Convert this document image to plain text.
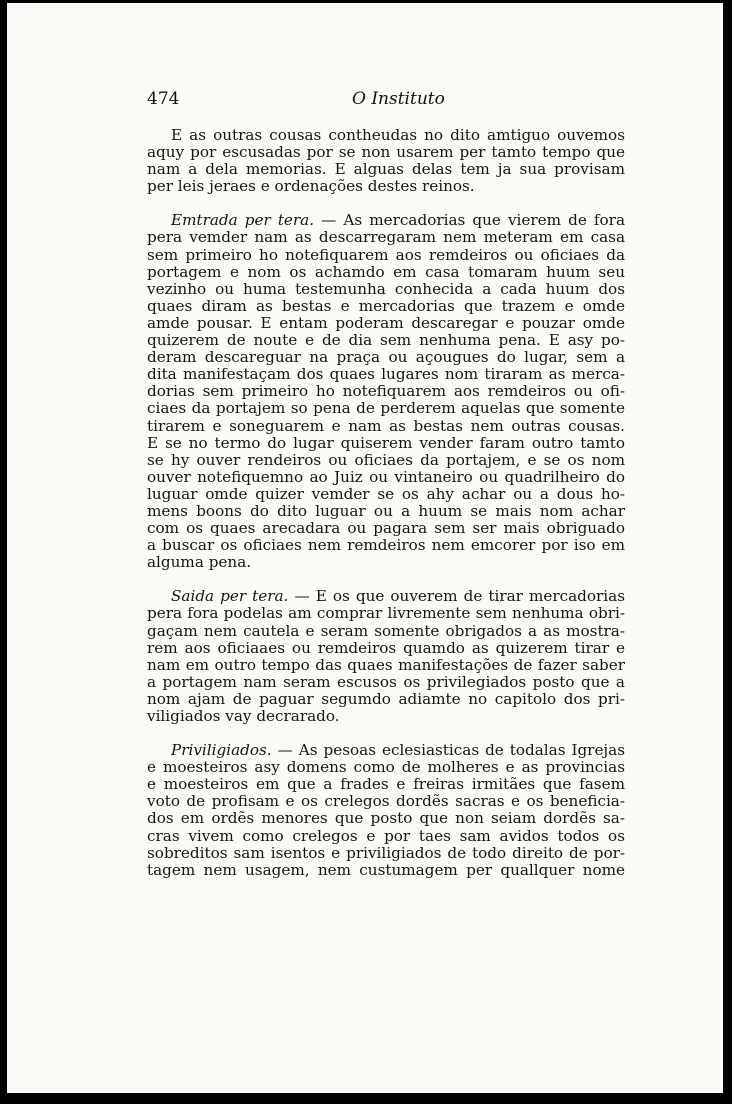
474	O Instituto
E as outras cousas contheudas no dito amtiguo ouvemos
aquy por escusadas por se non usarem per tamto tempo que
nam a dela memorias. E alguas delas tem ja sua provisam
per leis jeraes e ordenações destes reinos.
Emtrada per tera. — As mercadorias que vierem de fora
pera vemder nam as descarregaram nem meteram em casa
sem primeiro ho notefiquarem aos remdeiros ou oficiaes da
portagem e nom os achamdo em casa tomaram huum seu
vezinho ou huma testemunha conhecida a cada huum dos
quaes diram as bestas e mercadorias que trazem e omde
amde pousar. E entam poderam descaregar e pouzar omde
quizerem de noute e de dia sem nenhuma pena. E asy po-
deram descareguar na praça ou açougues do lugar, sem a
dita manifestaçam dos quaes lugares nom tiraram as merca-
dorias sem primeiro ho notefiquarem aos remdeiros ou ofi-
ciaes da portajem so pena de perderem aquelas que somente
tirarem e soneguarem e nam as bestas nem outras cousas.
E se no termo do lugar quiserem vender faram outro tamto
se hy ouver rendeiros ou oficiaes da portajem, e se os nom
ouver notefiquemno ao Juiz ou vintaneiro ou quadrilheiro do
luguar omde quizer vemder se os ahy achar ou a dous ho-
mens boons do dito luguar ou a huum se mais nom achar
com os quaes arecadara ou pagara sem ser mais obriguado
a buscar os oficiaes nem remdeiros nem emcorer por iso em
alguma pena.
Saida per tera. — E os que ouverem de tirar mercadorias
pera fora podelas am comprar livremente sem nenhuma obri-
gaçam nem cautela e seram somente obrigados a as mostra-
rem aos oficiaaes ou remdeiros quamdo as quizerem tirar e
nam em outro tempo das quaes manifestações de fazer saber
a portagem nam seram escusos os privilegiados posto que a
nom ajam de paguar segumdo adiamte no capitolo dos pri-
viligiados vay decrarado.
Priviligiados. — As pesoas eclesiasticas de todalas Igrejas
e moesteiros asy domens como de molheres e as provincias
e moesteiros em que a frades e freiras irmitães que fasem
voto de profisam e os crelegos dordẽs sacras e os beneficia-
dos em ordẽs menores que posto que non seiam dordẽs sa-
cras vivem como crelegos e por taes sam avidos todos os
sobreditos sam isentos e priviligiados de todo direito de por-
tagem nem usagem, nem custumagem per quallquer nome
